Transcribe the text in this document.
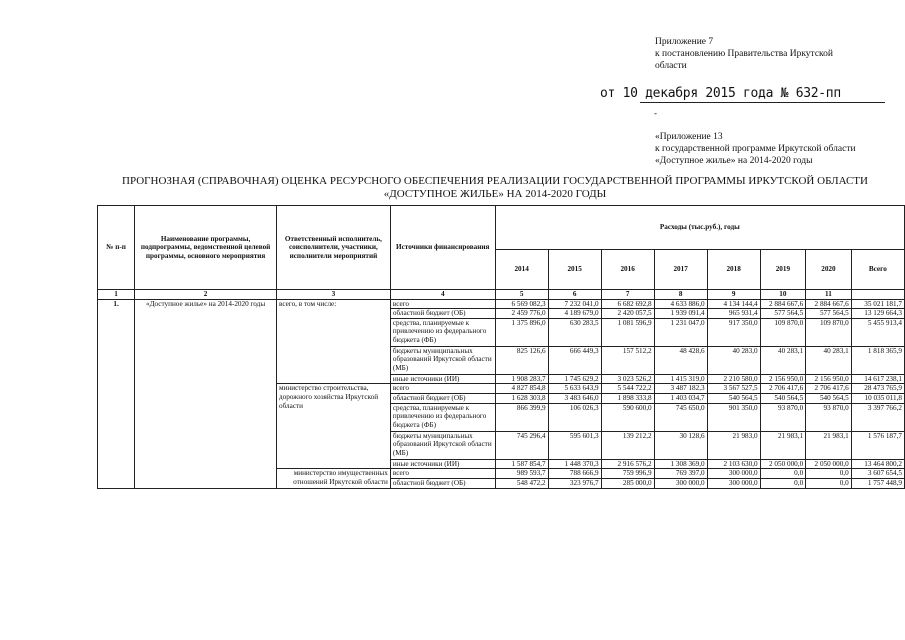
Приложение 7
к постановлению Правительства Иркутской
области
от 10 декабря 2015 года № 632-пп
-
«Приложение 13
к государственной программе Иркутской области
«Доступное жилье» на 2014-2020 годы
ПРОГНОЗНАЯ (СПРАВОЧНАЯ) ОЦЕНКА РЕСУРСНОГО ОБЕСПЕЧЕНИЯ РЕАЛИЗАЦИИ ГОСУДАРСТВЕННОЙ ПРОГРАММЫ ИРКУТСКОЙ ОБЛАСТИ
«ДОСТУПНОЕ ЖИЛЬЕ» НА 2014-2020 ГОДЫ
№ п-п	Наименование программы, подпрограммы, ведомственной целевой программы, основного мероприятия	Ответственный исполнитель, соисполнители, участники, исполнители мероприятий	Источники финансирования	Расходы (тыс.руб.), годы							
				2014	2015	2016	2017	2018	2019	2020	Всего
1	2	3	4	5	6	7	8	9	10	11	
1.	«Доступное жилье» на 2014-2020 годы	всего, в том числе:	всего	6 569 082,3	7 232 041,0	6 682 692,8	4 633 886,0	4 134 144,4	2 884 667,6	2 884 667,6	35 021 181,7
			областной бюджет (ОБ)	2 459 776,0	4 189 679,0	2 420 057,5	1 939 091,4	965 931,4	577 564,5	577 564,5	13 129 664,3
			средства, планируемые к привлечению из федерального бюджета (ФБ)	1 375 896,0	630 283,5	1 081 596,9	1 231 047,0	917 350,0	109 870,0	109 870,0	5 455 913,4
			бюджеты муниципальных образований Иркутской области (МБ)	825 126,6	666 449,3	157 512,2	48 428,6	40 283,0	40 283,1	40 283,1	1 818 365,9
			иные источники (ИИ)	1 908 283,7	1 745 629,2	3 023 526,2	1 415 319,0	2 210 580,0	2 156 950,0	2 156 950,0	14 617 238,1
		министерство строительства, дорожного хозяйства Иркутской области	всего	4 827 854,8	5 633 643,9	5 544 722,2	3 487 182,3	3 567 527,5	2 706 417,6	2 706 417,6	28 473 765,9
			областной бюджет (ОБ)	1 628 303,8	3 483 646,0	1 898 333,8	1 403 034,7	540 564,5	540 564,5	540 564,5	10 035 011,8
			средства, планируемые к привлечению из федерального бюджета (ФБ)	866 399,9	106 026,3	590 600,0	745 650,0	901 350,0	93 870,0	93 870,0	3 397 766,2
			бюджеты муниципальных образований Иркутской области (МБ)	745 296,4	595 601,3	139 212,2	30 128,6	21 983,0	21 983,1	21 983,1	1 576 187,7
			иные источники (ИИ)	1 587 854,7	1 448 370,3	2 916 576,2	1 308 369,0	2 103 630,0	2 050 000,0	2 050 000,0	13 464 800,2
		министерство имущественных отношений Иркутской области	всего	989 593,7	788 666,9	759 996,9	769 397,0	300 000,0	0,0	0,0	3 607 654,5
			областной бюджет (ОБ)	548 472,2	323 976,7	285 000,0	300 000,0	300 000,0	0,0	0,0	1 757 448,9
